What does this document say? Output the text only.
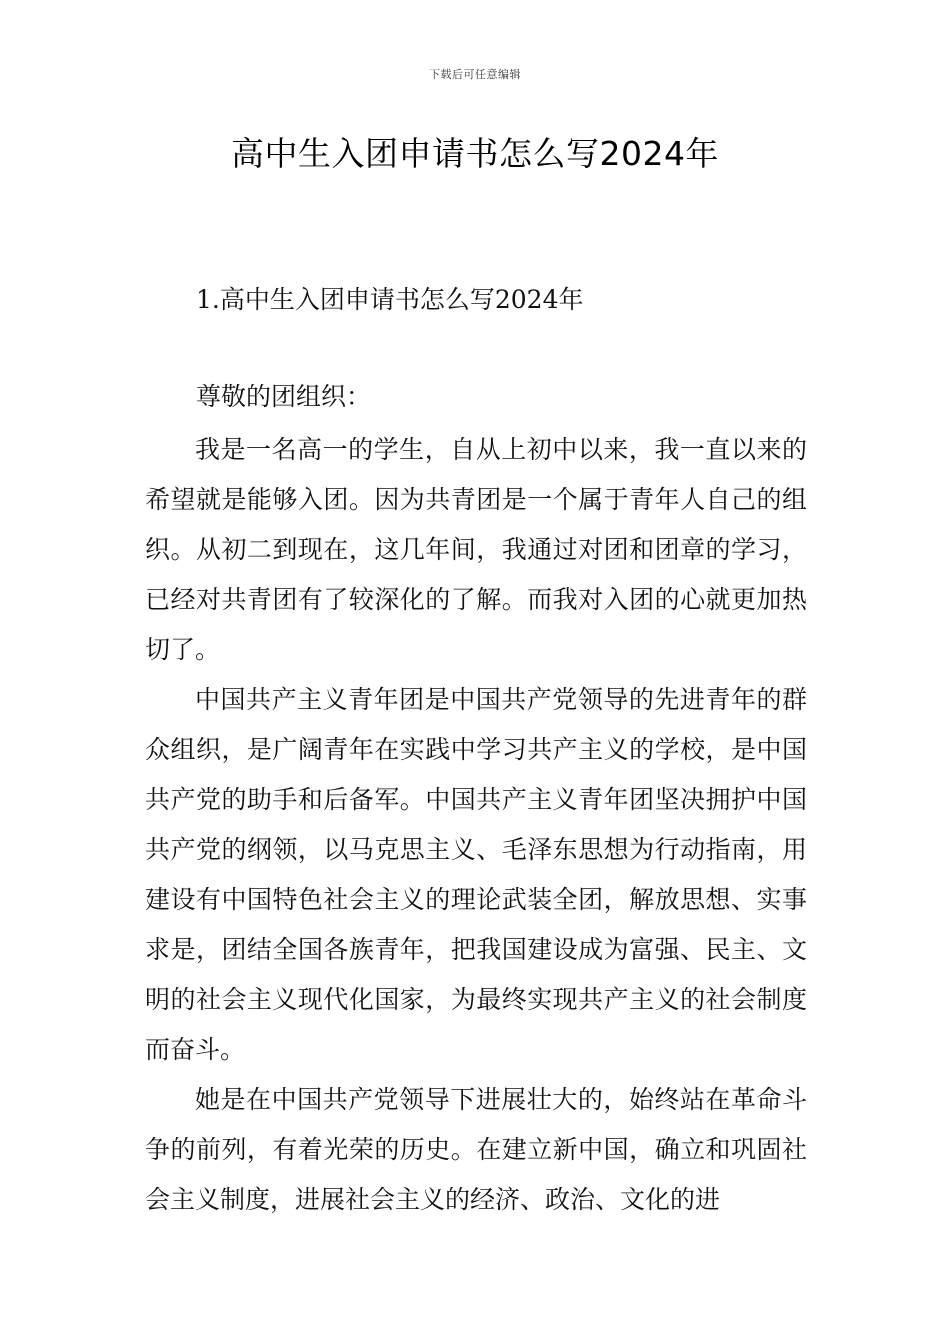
下载后可任意编辑
高中生入团申请书怎么写2024年
1.高中生入团申请书怎么写2024年

尊敬的团组织：

我是一名高一的学生，自从上初中以来，我一直以来的希望就是能够入团。因为共青团是一个属于青年人自己的组织。从初二到现在，这几年间，我通过对团和团章的学习，已经对共青团有了较深化的了解。而我对入团的心就更加热切了。

中国共产主义青年团是中国共产党领导的先进青年的群众组织，是广阔青年在实践中学习共产主义的学校，是中国共产党的助手和后备军。中国共产主义青年团坚决拥护中国共产党的纲领，以马克思主义、毛泽东思想为行动指南，用建设有中国特色社会主义的理论武装全团，解放思想、实事求是，团结全国各族青年，把我国建设成为富强、民主、文明的社会主义现代化国家，为最终实现共产主义的社会制度而奋斗。

她是在中国共产党领导下进展壮大的，始终站在革命斗争的前列，有着光荣的历史。在建立新中国，确立和巩固社会主义制度，进展社会主义的经济、政治、文化的进
